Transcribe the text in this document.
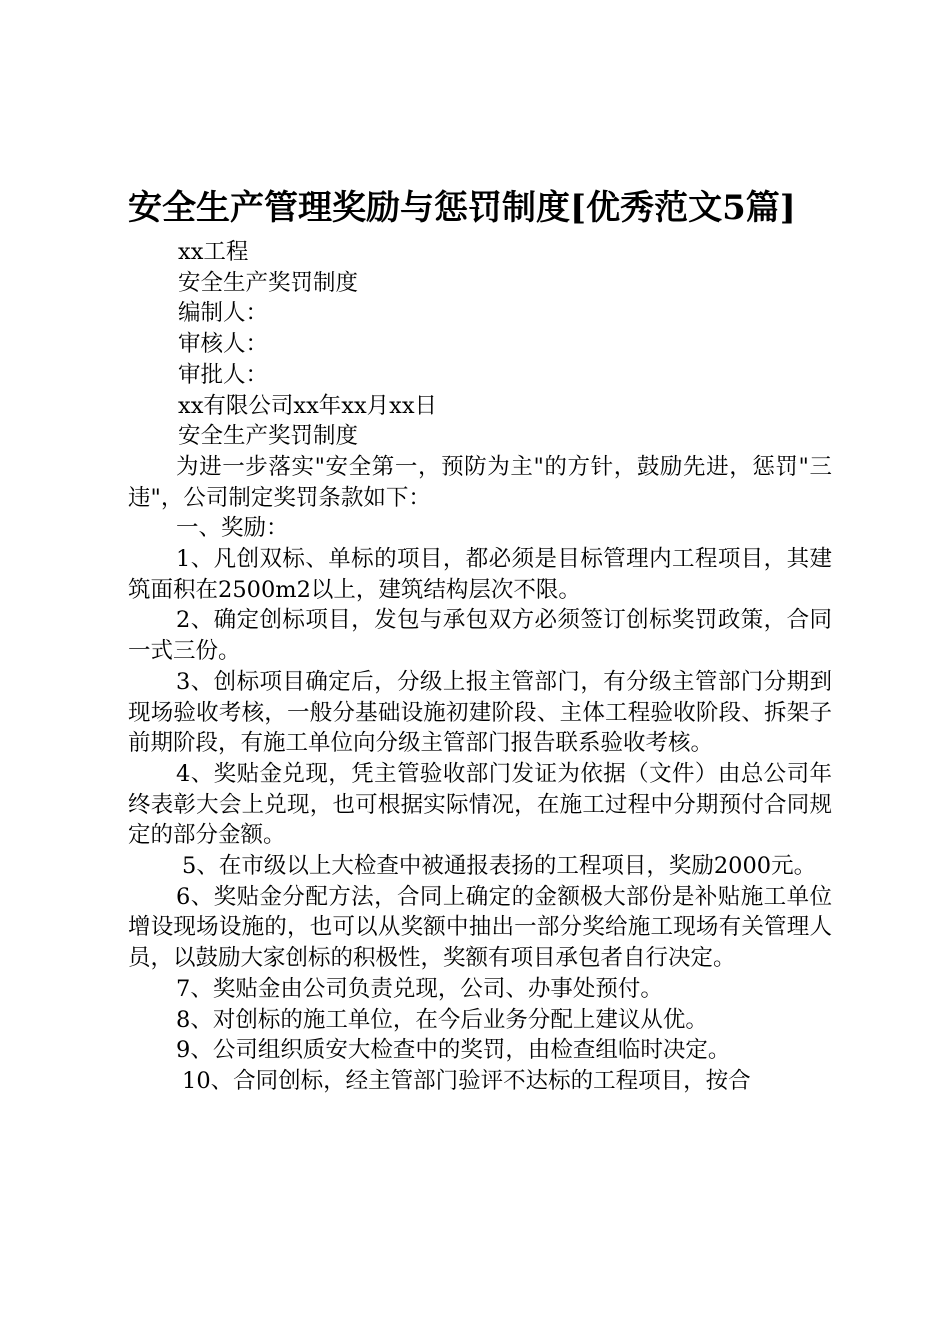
安全生产管理奖励与惩罚制度[优秀范文5篇]

xx工程

安全生产奖罚制度

编制人：

审核人：

审批人：

xx有限公司xx年xx月xx日

安全生产奖罚制度

为进一步落实"安全第一，预防为主"的方针，鼓励先进，惩罚"三违"，公司制定奖罚条款如下：

一、奖励：

1、凡创双标、单标的项目，都必须是目标管理内工程项目，其建筑面积在2500m2以上，建筑结构层次不限。

2、确定创标项目，发包与承包双方必须签订创标奖罚政策，合同一式三份。

3、创标项目确定后，分级上报主管部门，有分级主管部门分期到现场验收考核，一般分基础设施初建阶段、主体工程验收阶段、拆架子前期阶段，有施工单位向分级主管部门报告联系验收考核。

4、奖贴金兑现，凭主管验收部门发证为依据（文件）由总公司年终表彰大会上兑现，也可根据实际情况，在施工过程中分期预付合同规定的部分金额。

5、在市级以上大检查中被通报表扬的工程项目，奖励2000元。

6、奖贴金分配方法，合同上确定的金额极大部份是补贴施工单位增设现场设施的，也可以从奖额中抽出一部分奖给施工现场有关管理人员，以鼓励大家创标的积极性，奖额有项目承包者自行决定。

7、奖贴金由公司负责兑现，公司、办事处预付。

8、对创标的施工单位，在今后业务分配上建议从优。

9、公司组织质安大检查中的奖罚，由检查组临时决定。

10、合同创标，经主管部门验评不达标的工程项目，按合
